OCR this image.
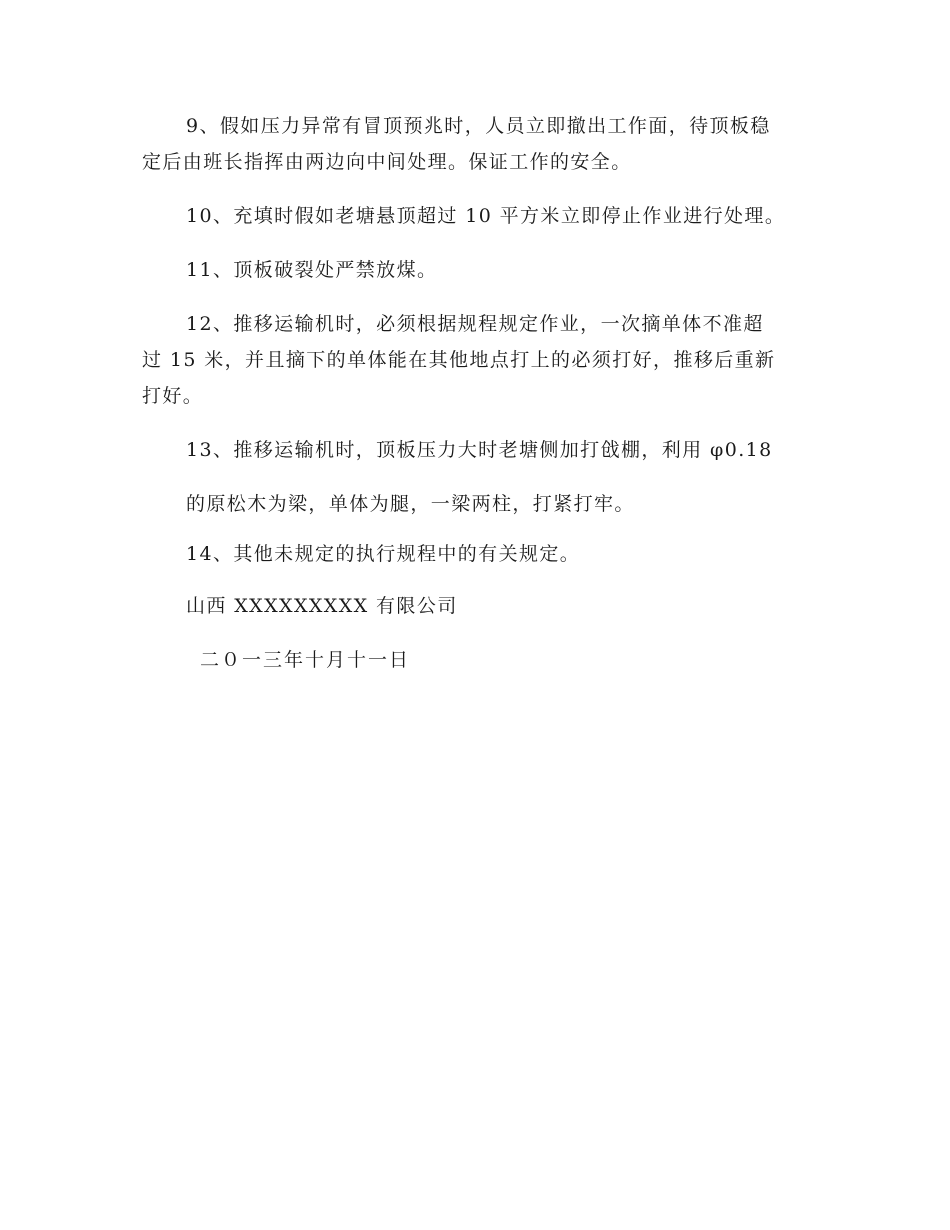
9、假如压力异常有冒顶预兆时，人员立即撤出工作面，待顶板稳
定后由班长指挥由两边向中间处理。保证工作的安全。
10、充填时假如老塘悬顶超过 10 平方米立即停止作业进行处理。
11、顶板破裂处严禁放煤。
12、推移运输机时，必须根据规程规定作业，一次摘单体不准超
过 15 米，并且摘下的单体能在其他地点打上的必须打好，推移后重新
打好。
13、推移运输机时，顶板压力大时老塘侧加打戗棚，利用 φ0.18
的原松木为梁，单体为腿，一梁两柱，打紧打牢。
14、其他未规定的执行规程中的有关规定。
山西 XXXXXXXXX 有限公司
二０一三年十月十一日
